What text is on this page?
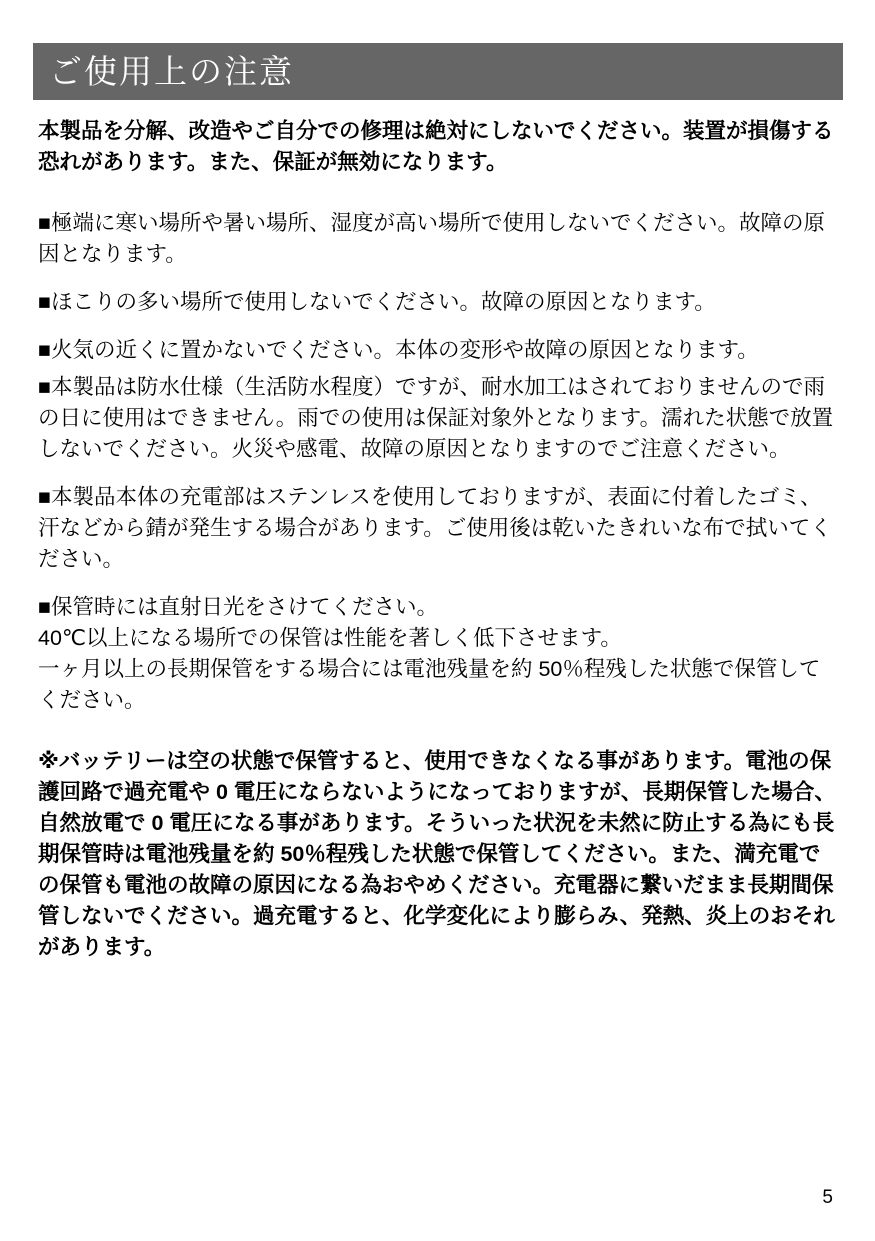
ご使用上の注意

本製品を分解、改造やご自分での修理は絶対にしないでください。装置が損傷する恐れがあります。また、保証が無効になります。

■極端に寒い場所や暑い場所、湿度が高い場所で使用しないでください。故障の原因となります。

■ほこりの多い場所で使用しないでください。故障の原因となります。

■火気の近くに置かないでください。本体の変形や故障の原因となります。

■本製品は防水仕様（生活防水程度）ですが、耐水加工はされておりませんので雨の日に使用はできません。雨での使用は保証対象外となります。濡れた状態で放置しないでください。火災や感電、故障の原因となりますのでご注意ください。

■本製品本体の充電部はステンレスを使用しておりますが、表面に付着したゴミ、汗などから錆が発生する場合があります。ご使用後は乾いたきれいな布で拭いてください。

■保管時には直射日光をさけてください。

40℃以上になる場所での保管は性能を著しく低下させます。

一ヶ月以上の長期保管をする場合には電池残量を約 50％程残した状態で保管してください。

※バッテリーは空の状態で保管すると、使用できなくなる事があります。電池の保護回路で過充電や 0 電圧にならないようになっておりますが、長期保管した場合、自然放電で 0 電圧になる事があります。そういった状況を未然に防止する為にも長期保管時は電池残量を約 50％程残した状態で保管してください。また、満充電での保管も電池の故障の原因になる為おやめください。充電器に繋いだまま長期間保管しないでください。過充電すると、化学変化により膨らみ、発熱、炎上のおそれがあります。

5
